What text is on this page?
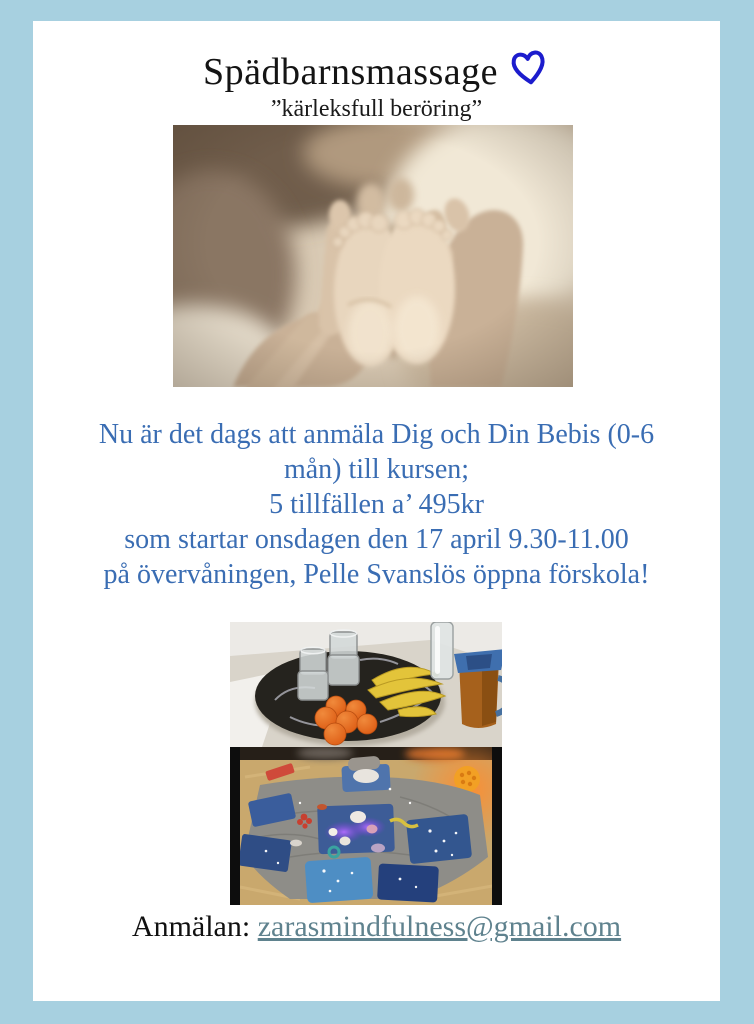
Spädbarnsmassage
”kärleksfull beröring”
Nu är det dags att anmäla Dig och Din Bebis (0-6
mån) till kursen;
5 tillfällen a’ 495kr
som startar onsdagen den 17 april 9.30-11.00
på övervåningen, Pelle Svanslös öppna förskola!
Anmälan: zarasmindfulness@gmail.com
